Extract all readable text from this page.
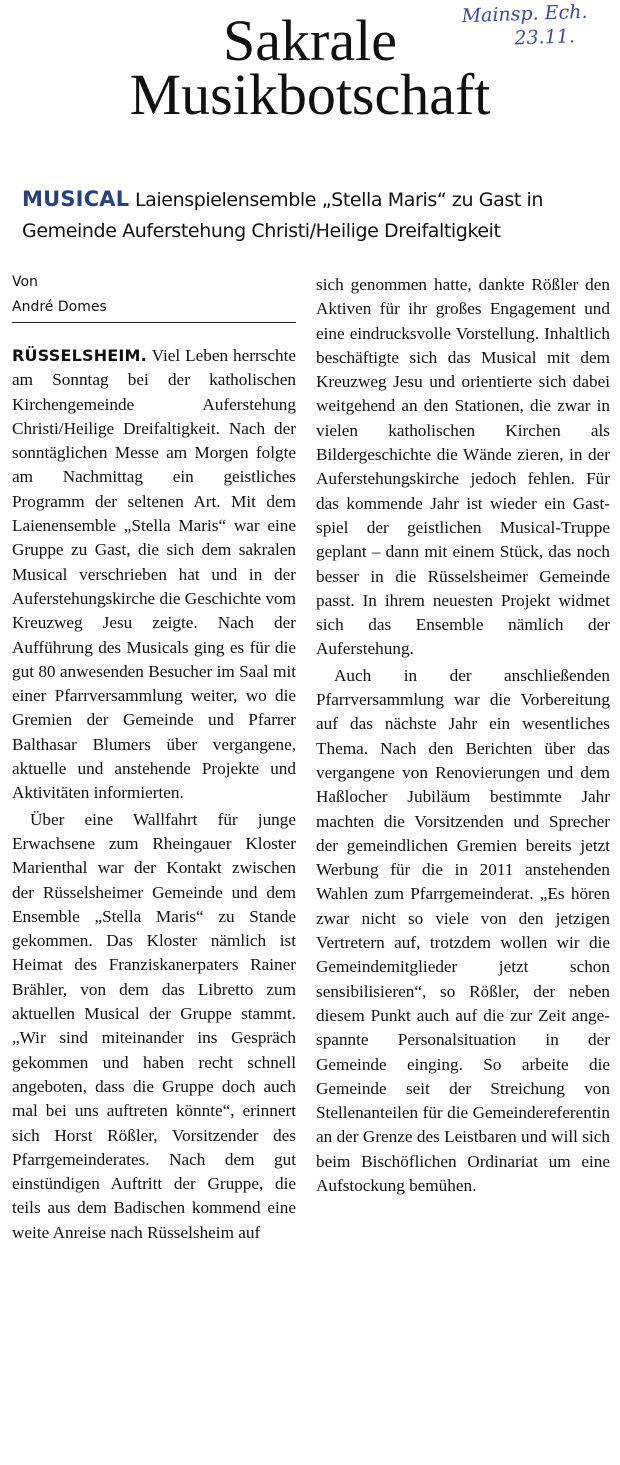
Mainsp. Ech.
23.11.
Sakrale
Musikbotschaft
MUSICAL Laienspielensemble „Stella Maris“ zu Gast in Gemeinde Auferstehung Christi/Heilige Dreifaltigkeit
Von
André Domes

RÜSSELSHEIM. Viel Leben herrschte am Sonntag bei der katholischen Kirchengemeinde Auferstehung Christi/Heilige Dreifaltigkeit. Nach der sonntäglichen Messe am Morgen folgte am Nachmittag ein geistliches Programm der seltenen Art. Mit dem Laienensemble „Stella Maris“ war eine Gruppe zu Gast, die sich dem sakralen Musical verschrieben hat und in der Auferstehungskirche die Geschichte vom Kreuzweg Jesu zeigte. Nach der Aufführung des Musicals ging es für die gut 80 anwesenden Besucher im Saal mit einer Pfarrversammlung weiter, wo die Gremien der Gemeinde und Pfarrer Balthasar Blumers über vergangene, aktuelle und anstehende Projekte und Aktivitäten informierten.

Über eine Wallfahrt für junge Erwachsene zum Rheingauer Kloster Marienthal war der Kontakt zwischen der Rüsselsheimer Gemeinde und dem Ensemble „Stella Maris“ zu Stande gekommen. Das Kloster nämlich ist Heimat des Franziskanerpaters Rainer Brähler, von dem das Libretto zum aktuellen Musical der Gruppe stammt. „Wir sind miteinander ins Gespräch gekommen und haben recht schnell angeboten, dass die Gruppe doch auch mal bei uns auftreten könnte“, erinnert sich Horst Rößler, Vorsitzender des Pfarrgemeinderates. Nach dem gut einstündigen Auftritt der Gruppe, die teils aus dem Badischen kommend eine weite Anreise nach Rüsselsheim auf

sich genommen hatte, dankte Rößler den Aktiven für ihr großes Engagement und eine eindrucksvolle Vorstellung. Inhaltlich beschäftigte sich das Musical mit dem Kreuzweg Jesu und orientierte sich dabei weitgehend an den Stationen, die zwar in vielen katholischen Kirchen als Bildergeschichte die Wände zieren, in der Auferstehungskirche jedoch fehlen. Für das kommende Jahr ist wieder ein Gastspiel der geistlichen Musical-Truppe geplant – dann mit einem Stück, das noch besser in die Rüsselsheimer Gemeinde passt. In ihrem neuesten Projekt widmet sich das Ensemble nämlich der Auferstehung.

Auch in der anschließenden Pfarrversammlung war die Vorbereitung auf das nächste Jahr ein wesentliches Thema. Nach den Berichten über das vergangene von Renovierungen und dem Haßlocher Jubiläum bestimmte Jahr machten die Vorsitzenden und Sprecher der gemeindlichen Gremien bereits jetzt Werbung für die in 2011 anstehenden Wahlen zum Pfarrgemeinderat. „Es hören zwar nicht so viele von den jetzigen Vertretern auf, trotzdem wollen wir die Gemeindemitglieder jetzt schon sensibilisieren“, so Rößler, der neben diesem Punkt auch auf die zur Zeit angespannte Personalsituation in der Gemeinde einging. So arbeite die Gemeinde seit der Streichung von Stellenanteilen für die Gemeindereferentin an der Grenze des Leistbaren und will sich beim Bischöflichen Ordinariat um eine Aufstockung bemühen.
